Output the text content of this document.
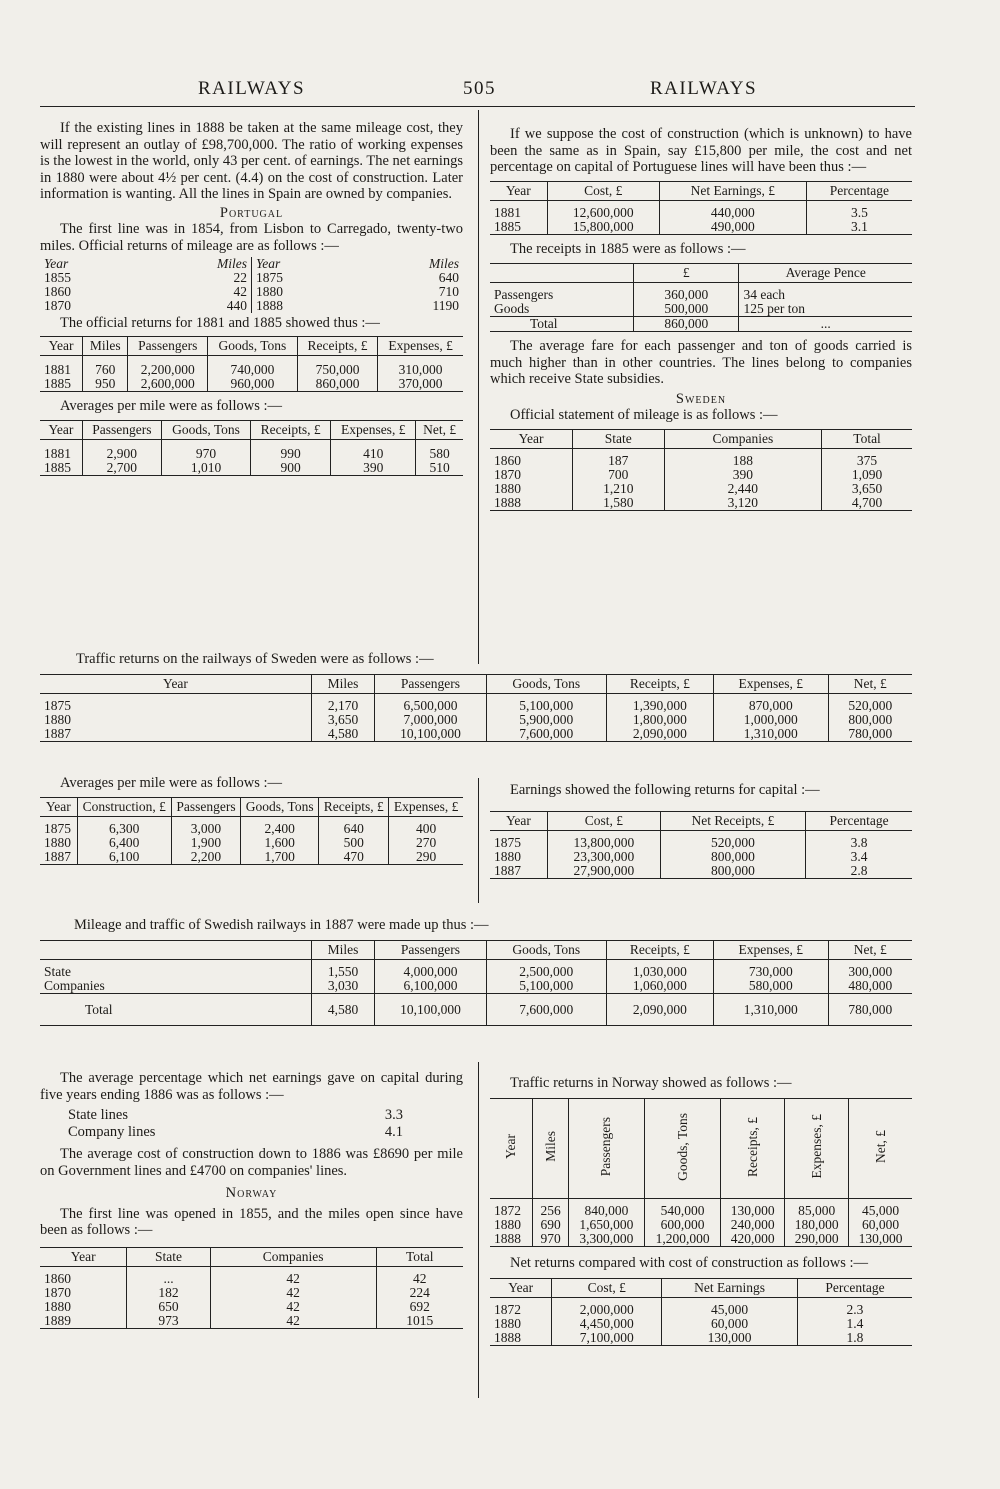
RAILWAYS	505	RAILWAYS

If the existing lines in 1888 be taken at the same mileage cost, they will represent an outlay of £98,700,000. The ratio of working expenses is the lowest in the world, only 43 per cent. of earnings. The net earnings in 1880 were about 4½ per cent. (4.4) on the cost of construction. Later information is wanting. All the lines in Spain are owned by companies.

Portugal

The first line was in 1854, from Lisbon to Carregado, twenty-two miles. Official returns of mileage are as follows :—

Year	Miles	Year	Miles
1855	22	1875	640
1860	42	1880	710
1870	440	1888	1190

The official returns for 1881 and 1885 showed thus :—

Year	Miles	Passengers	Goods, Tons	Receipts, £	Expenses, £

1881	760	2,200,000	740,000	750,000	310,000
1885	950	2,600,000	960,000	860,000	370,000

Averages per mile were as follows :—

Year	Passengers	Goods, Tons	Receipts, £	Expenses, £	Net, £

1881	2,900	970	990	410	580
1885	2,700	1,010	900	390	510

If we suppose the cost of construction (which is unknown) to have been the same as in Spain, say £15,800 per mile, the cost and net percentage on capital of Portuguese lines will have been thus :—

Year	Cost, £	Net Earnings, £	Percentage

1881	12,600,000	440,000	3.5
1885	15,800,000	490,000	3.1

The receipts in 1885 were as follows :—

	£	Average Pence

Passengers	360,000	34 each
Goods	500,000	125 per ton
Total	860,000	...

The average fare for each passenger and ton of goods carried is much higher than in other countries. The lines belong to companies which receive State subsidies.

Sweden

Official statement of mileage is as follows :—

Year	State	Companies	Total

1860	187	188	375
1870	700	390	1,090
1880	1,210	2,440	3,650
1888	1,580	3,120	4,700

Traffic returns on the railways of Sweden were as follows :—

Year	Miles	Passengers	Goods, Tons	Receipts, £	Expenses, £	Net, £

1875	2,170	6,500,000	5,100,000	1,390,000	870,000	520,000
1880	3,650	7,000,000	5,900,000	1,800,000	1,000,000	800,000
1887	4,580	10,100,000	7,600,000	2,090,000	1,310,000	780,000

Averages per mile were as follows :—

Year	Construction, £	Passengers	Goods, Tons	Receipts, £	Expenses, £

1875	6,300	3,000	2,400	640	400
1880	6,400	1,900	1,600	500	270
1887	6,100	2,200	1,700	470	290

Earnings showed the following returns for capital :—

Year	Cost, £	Net Receipts, £	Percentage

1875	13,800,000	520,000	3.8
1880	23,300,000	800,000	3.4
1887	27,900,000	800,000	2.8

Mileage and traffic of Swedish railways in 1887 were made up thus :—

	Miles	Passengers	Goods, Tons	Receipts, £	Expenses, £	Net, £

State	1,550	4,000,000	2,500,000	1,030,000	730,000	300,000
Companies	3,030	6,100,000	5,100,000	1,060,000	580,000	480,000
Total	4,580	10,100,000	7,600,000	2,090,000	1,310,000	780,000

The average percentage which net earnings gave on capital during five years ending 1886 was as follows :—

State lines	3.3
Company lines	4.1

The average cost of construction down to 1886 was £8690 per mile on Government lines and £4700 on companies' lines.

Norway

The first line was opened in 1855, and the miles open since have been as follows :—

Year	State	Companies	Total

1860	...	42	42
1870	182	42	224
1880	650	42	692
1889	973	42	1015

Traffic returns in Norway showed as follows :—

Year	Miles	Passengers	Goods, Tons	Receipts, £	Expenses, £	Net, £

1872	256	840,000	540,000	130,000	85,000	45,000
1880	690	1,650,000	600,000	240,000	180,000	60,000
1888	970	3,300,000	1,200,000	420,000	290,000	130,000

Net returns compared with cost of construction as follows :—

Year	Cost, £	Net Earnings	Percentage

1872	2,000,000	45,000	2.3
1880	4,450,000	60,000	1.4
1888	7,100,000	130,000	1.8
